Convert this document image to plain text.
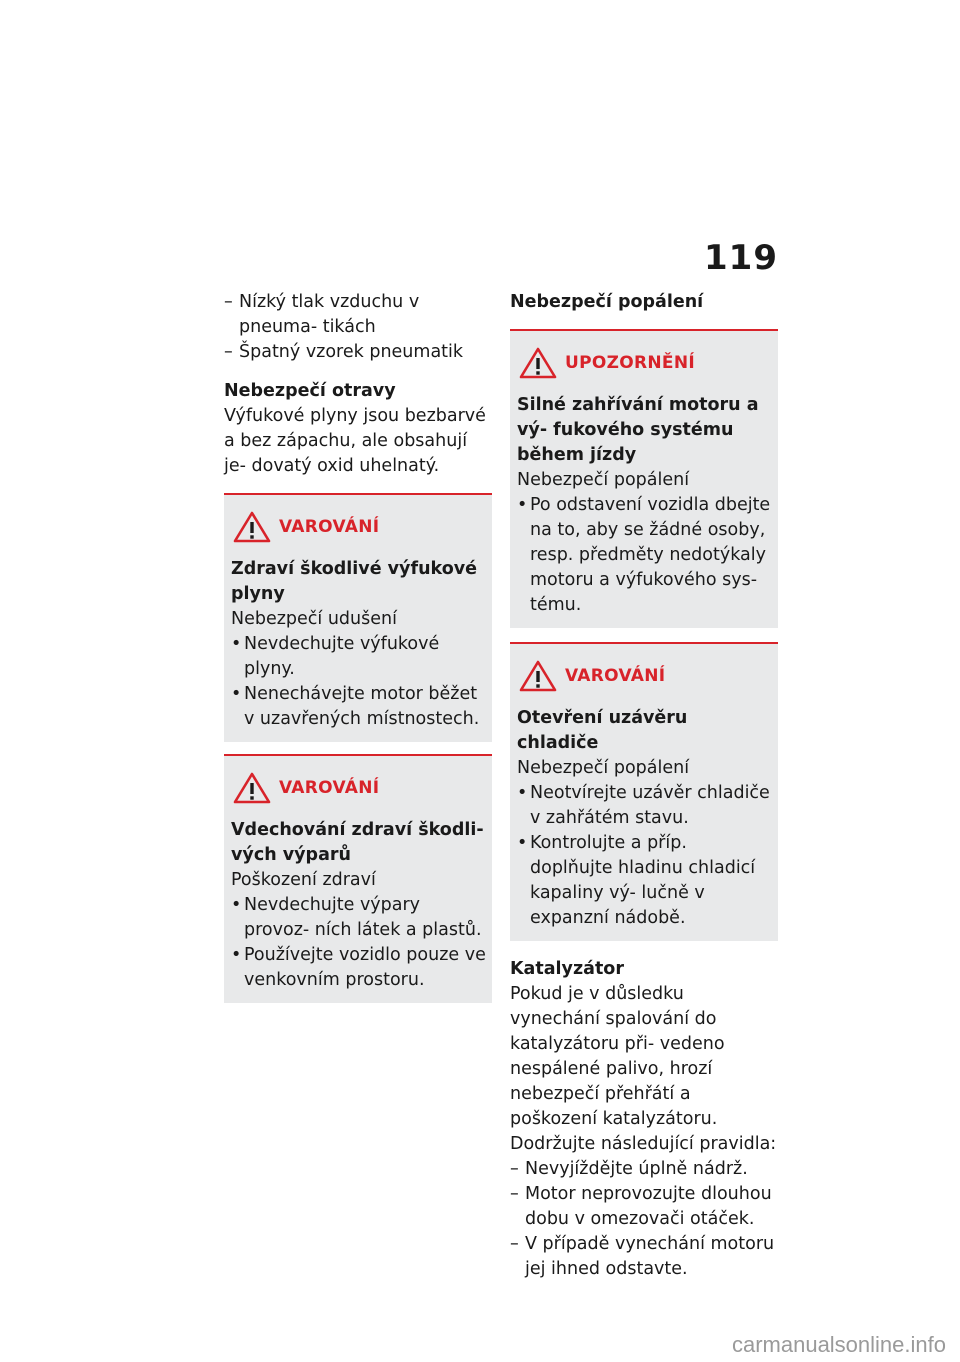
119
– Nízký tlak vzduchu v pneuma- tikách
– Špatný vzorek pneumatik

Nebezpečí otravy

Výfukové plyny jsou bezbarvé a bez zápachu, ale obsahují je- dovatý oxid uhelnatý.

VAROVÁNÍ

Zdraví škodlivé výfukové plyny

Nebezpečí udušení

• Nevdechujte výfukové plyny.
• Nenechávejte motor běžet v uzavřených místnostech.
VAROVÁNÍ

Vdechování zdraví škodli- vých výparů

Poškození zdraví

• Nevdechujte výpary provoz- ních látek a plastů.
• Používejte vozidlo pouze ve venkovním prostoru.

Nebezpečí popálení

UPOZORNĚNÍ

Silné zahřívání motoru a vý- fukového systému během jízdy

Nebezpečí popálení

• Po odstavení vozidla dbejte na to, aby se žádné osoby, resp. předměty nedotýkaly motoru a výfukového sys- tému.
VAROVÁNÍ

Otevření uzávěru chladiče

Nebezpečí popálení

• Neotvírejte uzávěr chladiče v zahřátém stavu.
• Kontrolujte a příp. doplňujte hladinu chladicí kapaliny vý- lučně v expanzní nádobě.

Katalyzátor

Pokud je v důsledku vynechání spalování do katalyzátoru při- vedeno nespálené palivo, hrozí nebezpečí přehřátí a poškození katalyzátoru.

Dodržujte následující pravidla:

– Nevyjíždějte úplně nádrž.
– Motor neprovozujte dlouhou dobu v omezovači otáček.
– V případě vynechání motoru jej ihned odstavte.
carmanualsonline.info
